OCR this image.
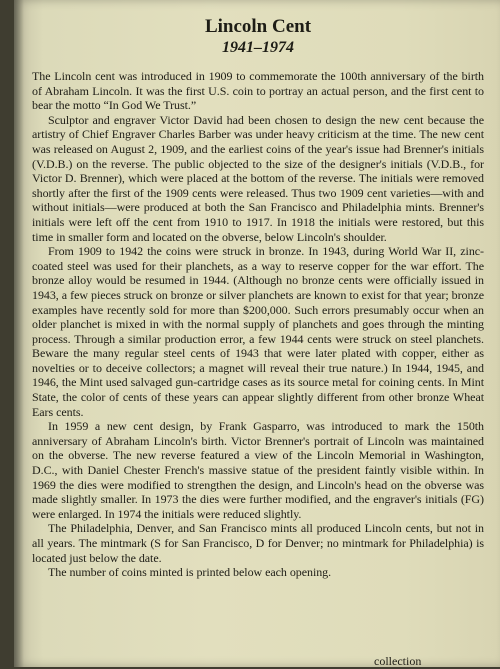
Lincoln Cent
1941–1974

The Lincoln cent was introduced in 1909 to commemorate the 100th anniversary of the birth of Abraham Lincoln. It was the first U.S. coin to portray an actual person, and the first cent to bear the motto “In God We Trust.”

Sculptor and engraver Victor David had been chosen to design the new cent because the artistry of Chief Engraver Charles Barber was under heavy criticism at the time. The new cent was released on August 2, 1909, and the earliest coins of the year's issue had Brenner's initials (V.D.B.) on the reverse. The public objected to the size of the designer's initials (V.D.B., for Victor D. Brenner), which were placed at the bottom of the reverse. The initials were removed shortly after the first of the 1909 cents were released. Thus two 1909 cent varieties—with and without initials—were produced at both the San Francisco and Philadelphia mints. Brenner's initials were left off the cent from 1910 to 1917. In 1918 the initials were restored, but this time in smaller form and located on the obverse, below Lincoln's shoulder.

From 1909 to 1942 the coins were struck in bronze. In 1943, during World War II, zinc-coated steel was used for their planchets, as a way to reserve copper for the war effort. The bronze alloy would be resumed in 1944. (Although no bronze cents were officially issued in 1943, a few pieces struck on bronze or silver planchets are known to exist for that year; bronze examples have recently sold for more than $200,000. Such errors presumably occur when an older planchet is mixed in with the normal supply of planchets and goes through the minting process. Through a similar production error, a few 1944 cents were struck on steel planchets. Beware the many regular steel cents of 1943 that were later plated with copper, either as novelties or to deceive collectors; a magnet will reveal their true nature.) In 1944, 1945, and 1946, the Mint used salvaged gun-cartridge cases as its source metal for coining cents. In Mint State, the color of cents of these years can appear slightly different from other bronze Wheat Ears cents.

In 1959 a new cent design, by Frank Gasparro, was introduced to mark the 150th anniversary of Abraham Lincoln's birth. Victor Brenner's portrait of Lincoln was maintained on the obverse. The new reverse featured a view of the Lincoln Memorial in Washington, D.C., with Daniel Chester French's massive statue of the president faintly visible within. In 1969 the dies were modified to strengthen the design, and Lincoln's head on the obverse was made slightly smaller. In 1973 the dies were further modified, and the engraver's initials (FG) were enlarged. In 1974 the initials were reduced slightly.

The Philadelphia, Denver, and San Francisco mints all produced Lincoln cents, but not in all years. The mintmark (S for San Francisco, D for Denver; no mintmark for Philadelphia) is located just below the date.

The number of coins minted is printed below each opening.

collection
